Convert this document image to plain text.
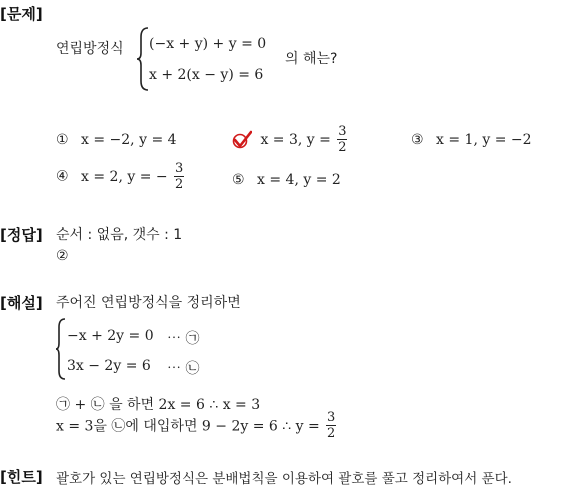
[문제]
연립방정식 (−x + y) + y = 0
x + 2(x − y) = 6
의 해는?
① x = −2, y = 4	x = 3, $y = \frac{3}{2}$	③ x = 1, y = −2
④ x = 2, y = − $\frac{3}{2}$	⑤ x = 4, y = 2
[정답] 순서 : 없음, 갯수 : 1
②
[해설] 주어진 연립방정식을 정리하면
−x + 2y = 0 ⋯ ㉠
3x − 2y = 6 ⋯ ㉡
㉠ + ㉡ 을 하면 2x = 6 ∴ x = 3
x = 3을 ㉡에 대입하면 9 − 2y = 6 ∴ $y = \frac{3}{2}$
[힌트] 괄호가 있는 연립방정식은 분배법칙을 이용하여 괄호를 풀고 정리하여서 푼다.
